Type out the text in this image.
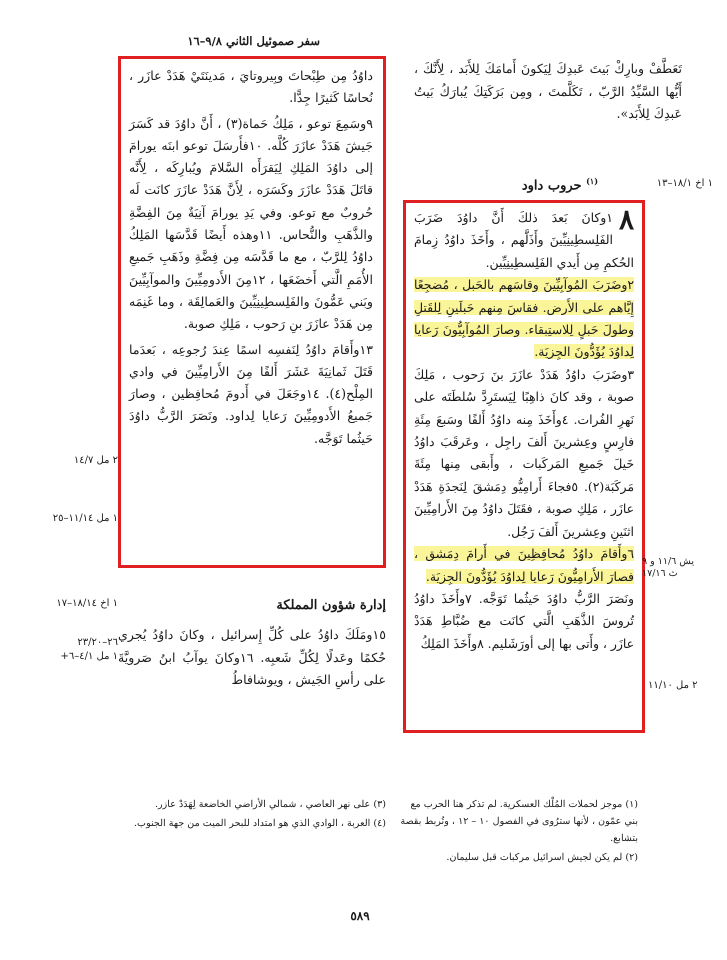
سفر صموئيل الثاني ٩/٨–١٦

داوُدُ مِن طِبْحاتَ وبِيروتايَ ، مَدينَتَيْ هَدَدْ عازَر ، نُحاسًا كَثيرًا جِدًّا.

٩وسَمِعَ توعو ، مَلِكُ حَماة(٣) ، أَنَّ داوُدَ قد كَسَرَ جَيشَ هَدَدْ عازَرَ كُلَّه. ١٠فأَرسَلَ توعو ابنَه يورامَ إلى داوُدَ المَلِكِ لِيَقرَأَه السَّلامَ ويُبارِكَه ، لِأَنَّه قاتَلَ هَدَدْ عازَرَ وكَسَرَه ، لِأَنَّ هَدَدْ عازَرَ كانَت لَه حُروبٌ مع توعو. وفي يَدِ يورامَ آنِيَةٌ مِنَ الفِضَّةِ والذَّهَبِ والنُّحاس. ١١وهذه أَيضًا قَدَّسَها المَلِكُ داوُدُ لِلرَّبّ ، مع ما قَدَّسَه مِن فِضَّةِ وذَهَبِ جَميعِ الأُمَمِ الَّتي أَخضَعَها ، ١٢مِنَ الأَدومِيِّينَ والموآبِيِّينَ وبَني عَمُّونَ والفَلِسطِينِيِّينَ والعَمالِقَة ، وما غَنِمَه مِن هَدَدْ عازَرَ بنِ رَحوب ، مَلِكِ صوبة.

١٣وأَقامَ داوُدُ لِنَفسِه اسمًا عِندَ رُجوعِه ، بَعدَما قَتَلَ ثَمانِيَةَ عَشَرَ أَلفًا مِنَ الأَرامِيِّينَ في وادي المِلْح(٤). ١٤وجَعَلَ في أَدومَ مُحافِظين ، وصارَ جَميعُ الأَدومِيِّينَ رَعايا لِداود. ونَصَرَ الرَّبُّ داوُدَ حَيثُما تَوَجَّه.

تَعَطَّفْ وبارِكْ بَيتَ عَبدِكَ لِيَكونَ أَمامَكَ لِلأَبَد ، لِأَنَّكَ ، أَيُّها السَّيِّدُ الرَّبّ ، تَكَلَّمتَ ، ومِن بَرَكَتِكَ يُبارَكُ بَيتُ عَبدِكَ لِلأَبَد».

$^{(١)}$ حروب داود	١ اخ ١٨/١–١٣
٨

١وكانَ بَعدَ ذلكَ أَنَّ داوُدَ ضَرَبَ الفَلِسطِينِيِّينَ وأَذَلَّهم ، وأَخَذَ داوُدُ زِمامَ الحُكمِ مِن أَيدي الفَلِسطِينِيِّين.

٢وضَرَبَ المُوآبِيِّينَ وقاسَهم بالحَبل ، مُضجِعًا إِيَّاهم على الأَرض. فقاسَ مِنهم حَبلَينِ لِلقَتلِ وطولَ حَبلٍ لِلاستِبقاء. وصارَ المُوآبِيُّونَ رَعايا لِداوُدَ يُؤَدُّونَ الجِزيَة.

٣وضَرَبَ داوُدُ هَدَدْ عازَرَ بنَ رَحوب ، مَلِكَ صوبة ، وقد كانَ ذاهِبًا لِيَستَرِدَّ سُلطَتَه على نَهرِ الفُرات. ٤وأَخَذَ مِنه داوُدُ أَلفًا وسَبعَ مِئَةِ فارِسٍ وعِشرينَ أَلفَ راجِل ، وعَرقَبَ داوُدُ خَيلَ جَميعِ المَركَبات ، وأَبقى مِنها مِئَةَ مَركَبَة(٢). ٥فجاءَ أَرامِيُّو دِمَشقَ لِنَجدَةِ هَدَدْ عازَر ، مَلِكِ صوبة ، فقَتَلَ داوُدُ مِنَ الأَرامِيِّينَ اثنَينِ وعِشرينَ أَلفَ رَجُل.

٦وأَقامَ داوُدُ مُحافِظِينَ في أَرامَ دِمَشق ، فصارَ الأَرامِيُّونَ رَعايا لِداوُدَ يُؤَدُّونَ الجِزيَة.

ونَصَرَ الرَّبُّ داوُدَ حَيثُما تَوَجَّه. ٧وأَخَذَ داوُدُ تُروسَ الذَّهَبِ الَّتي كانَت مع ضُبَّاطِ هَدَدْ عازَر ، وأَتى بها إلى أورَشَليم. ٨وأَخَذَ المَلِكُ

٢ مل ١٤/٧
١ مل ١١/١٤–٢٥
يش ١١/٦ و ٩
ث ١٧/١٦
٢ مل ١١/١٠
إدارة شؤون المملكة
١ اخ ١٨/١٤–١٧
٢٦–٢٣/٢٠
١ مل ٤/١–٦+

١٥ومَلَكَ داوُدُ على كُلِّ إِسرائيل ، وكانَ داوُدُ يُجري حُكمًا وعَدلًا لِكُلِّ شَعبِه. ١٦وكانَ يوآبُ ابنُ صَرويَّةَ على رأسِ الجَيش ، ويوشافاطُ

(٣) على نهر العاصي ، شمالي الأراضي الخاضعة لِهَدَدْ عازر.

(٤) العربة ، الوادي الذي هو امتداد للبحر الميت من جهة الجنوب.

(١) موجز لحملات المُلْك العسكرية. لم تذكر هنا الحرب مع بني عمّون ، لأنها سترُوى في الفصول ١٠ – ١٢ ، وتُربط بقصة بتشابع.

(٢) لم يكن لجيش اسرائيل مركبات قبل سليمان.

٥٨٩
